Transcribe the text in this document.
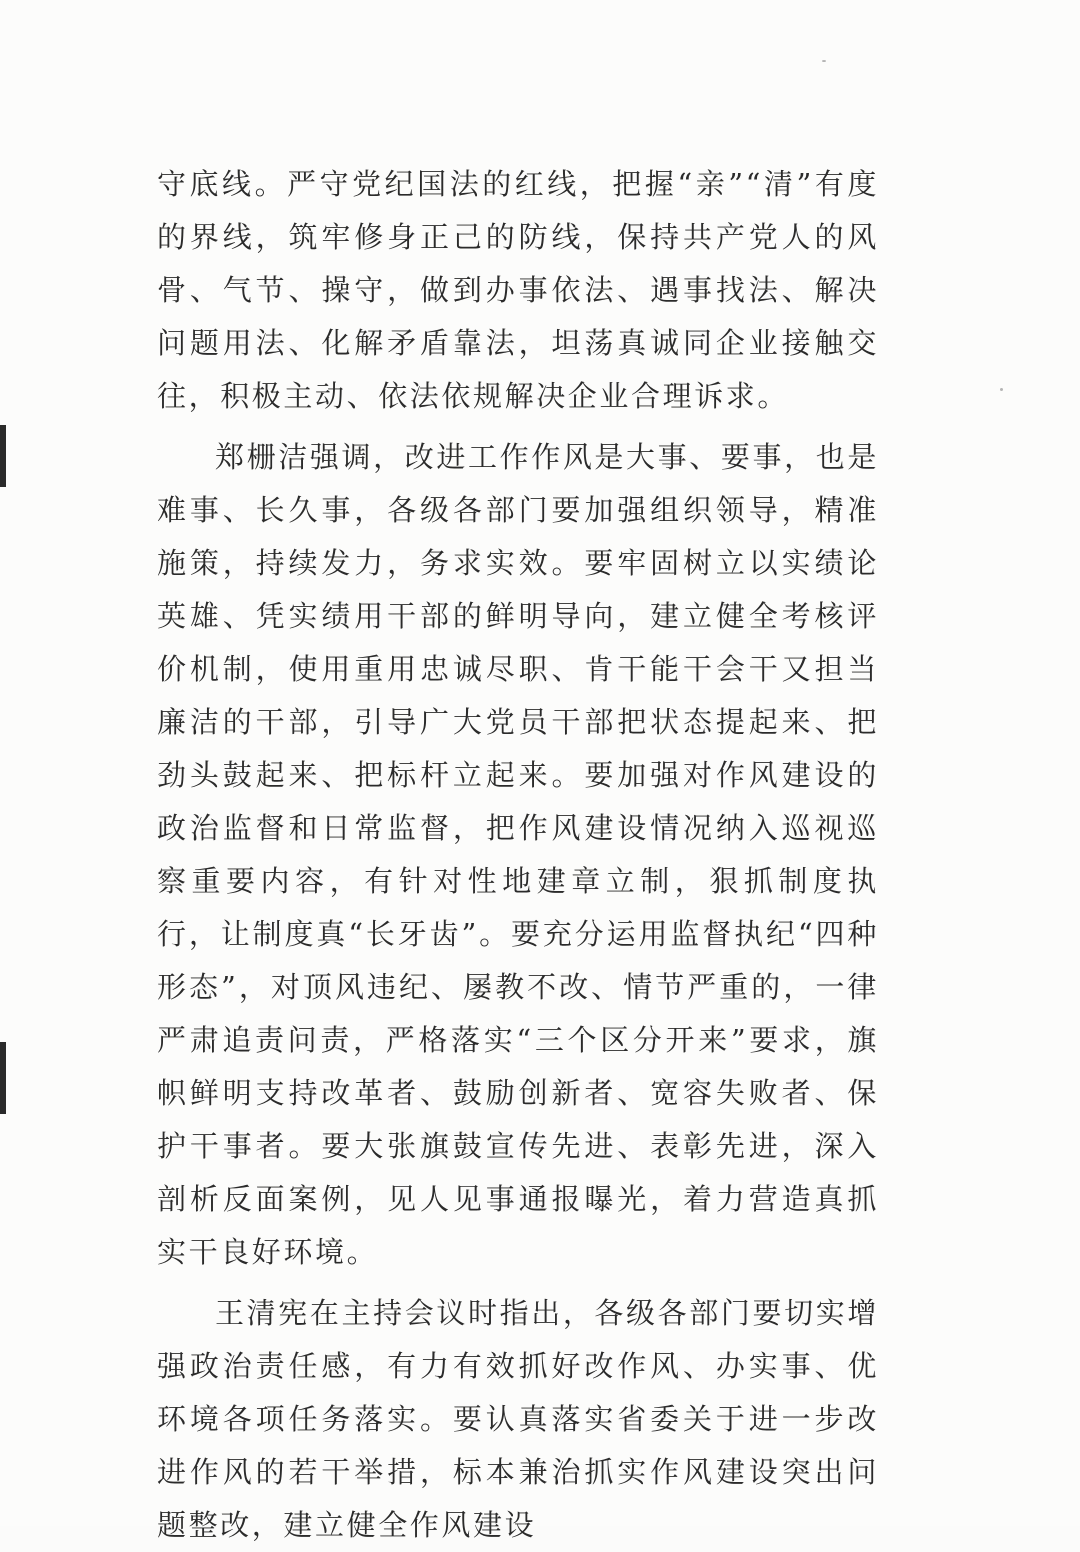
守底线。严守党纪国法的红线，把握“亲”“清”有度的界线，筑牢修身正己的防线，保持共产党人的风骨、气节、操守，做到办事依法、遇事找法、解决问题用法、化解矛盾靠法，坦荡真诚同企业接触交往，积极主动、依法依规解决企业合理诉求。

郑栅洁强调，改进工作作风是大事、要事，也是难事、长久事，各级各部门要加强组织领导，精准施策，持续发力，务求实效。要牢固树立以实绩论英雄、凭实绩用干部的鲜明导向，建立健全考核评价机制，使用重用忠诚尽职、肯干能干会干又担当廉洁的干部，引导广大党员干部把状态提起来、把劲头鼓起来、把标杆立起来。要加强对作风建设的政治监督和日常监督，把作风建设情况纳入巡视巡察重要内容，有针对性地建章立制，狠抓制度执行，让制度真“长牙齿”。要充分运用监督执纪“四种形态”，对顶风违纪、屡教不改、情节严重的，一律严肃追责问责，严格落实“三个区分开来”要求，旗帜鲜明支持改革者、鼓励创新者、宽容失败者、保护干事者。要大张旗鼓宣传先进、表彰先进，深入剖析反面案例，见人见事通报曝光，着力营造真抓实干良好环境。

王清宪在主持会议时指出，各级各部门要切实增强政治责任感，有力有效抓好改作风、办实事、优环境各项任务落实。要认真落实省委关于进一步改进作风的若干举措，标本兼治抓实作风建设突出问题整改，建立健全作风建设
